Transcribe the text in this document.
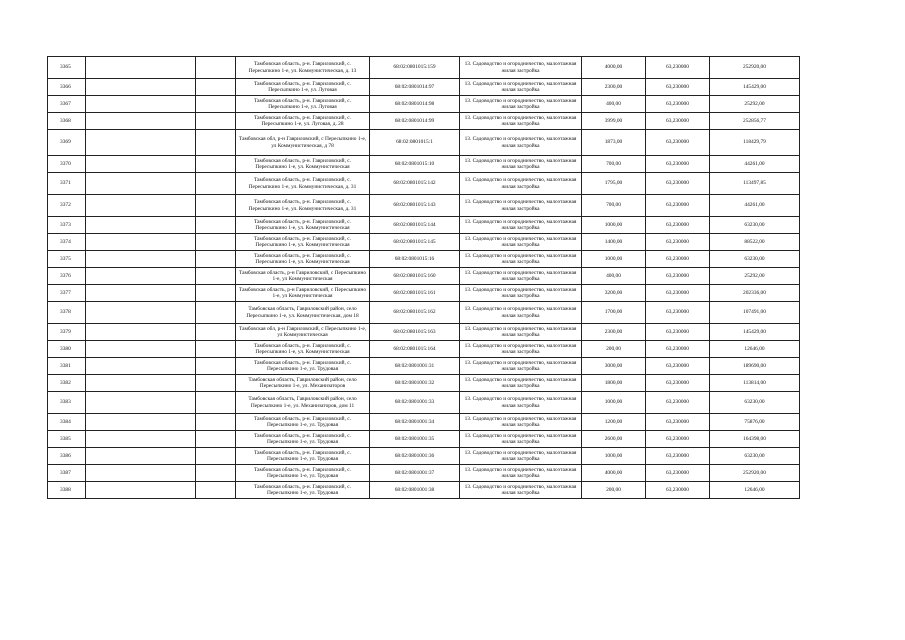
3365			Тамбовская область, р-н. Гавриловский, с. Пересыпкино 1-е, ул. Коммунистическая, д. 13	68:02:0801015:159	13. Садоводство и огородничество, малоэтажная жилая застройка	4000,00	63,230000	252920,00
3366			Тамбовская область, р-н. Гавриловский, с. Пересыпкино 1-е, ул. Луговая	68:02:0801014:97	13. Садоводство и огородничество, малоэтажная жилая застройка	2300,00	63,230000	145429,00
3367			Тамбовская область, р-н. Гавриловский, с. Пересыпкино 1-е, ул. Луговая	68:02:0801014:98	13. Садоводство и огородничество, малоэтажная жилая застройка	400,00	63,230000	25292,00
3368			Тамбовская область, р-н. Гавриловский, с. Пересыпкино 1-е, ул. Луговая, д. 28	68:02:0801014:99	13. Садоводство и огородничество, малоэтажная жилая застройка	3999,00	63,230000	252856,77
3369			Тамбовская обл, р-н Гавриловский, с Пересыпкино 1-е, ул Коммунистическая, д 78	68:02:0801015:1	13. Садоводство и огородничество, малоэтажная жилая застройка	1873,00	63,230000	118429,79
3370			Тамбовская область, р-н. Гавриловский, с. Пересыпкино 1-е, ул. Коммунистическая	68:02:0801015:10	13. Садоводство и огородничество, малоэтажная жилая застройка	700,00	63,230000	44261,00
3371			Тамбовская область, р-н. Гавриловский, с. Пересыпкино 1-е, ул. Коммунистическая, д. 31	68:02:0801015:142	13. Садоводство и огородничество, малоэтажная жилая застройка	1795,00	63,230000	113497,85
3372			Тамбовская область, р-н. Гавриловский, с. Пересыпкино 1-е, ул. Коммунистическая, д. 31	68:02:0801015:143	13. Садоводство и огородничество, малоэтажная жилая застройка	700,00	63,230000	44261,00
3373			Тамбовская область, р-н. Гавриловский, с. Пересыпкино 1-е, ул. Коммунистическая	68:02:0801015:144	13. Садоводство и огородничество, малоэтажная жилая застройка	1000,00	63,230000	63230,00
3374			Тамбовская область, р-н. Гавриловский, с. Пересыпкино 1-е, ул. Коммунистическая	68:02:0801015:145	13. Садоводство и огородничество, малоэтажная жилая застройка	1400,00	63,230000	88522,00
3375			Тамбовская область, р-н. Гавриловский, с. Пересыпкино 1-е, ул. Коммунистическая	68:02:0801015:16	13. Садоводство и огородничество, малоэтажная жилая застройка	1000,00	63,230000	63230,00
3376			Тамбовская область, р-н Гавриловский, с Пересыпкино 1-е, ул Коммунистическая	68:02:0801015:160	13. Садоводство и огородничество, малоэтажная жилая застройка	400,00	63,230000	25292,00
3377			Тамбовская область, р-н Гавриловский, с Пересыпкино 1-е, ул Коммунистическая	68:02:0801015:161	13. Садоводство и огородничество, малоэтажная жилая застройка	3200,00	63,230000	202336,00
3378			Тамбовская область, Гавриловский район, село Пересыпкино 1-е, ул. Коммунистическая, дом 18	68:02:0801015:162	13. Садоводство и огородничество, малоэтажная жилая застройка	1700,00	63,230000	107491,00
3379			Тамбовская обл, р-н Гавриловский, с Пересыпкино 1-е, ул Коммунистическая	68:02:0801015:163	13. Садоводство и огородничество, малоэтажная жилая застройка	2300,00	63,230000	145429,00
3380			Тамбовская область, р-н. Гавриловский, с. Пересыпкино 1-е, ул. Коммунистическая	68:02:0801015:164	13. Садоводство и огородничество, малоэтажная жилая застройка	200,00	63,230000	12646,00
3381			Тамбовская область, р-н. Гавриловский, с. Пересыпкино 1-е, ул. Трудовая	68:02:0801001:31	13. Садоводство и огородничество, малоэтажная жилая застройка	3000,00	63,230000	189690,00
3382			Тамбовская область, Гавриловский район, село Пересыпкино 1-е, ул. Механизаторов	68:02:0801001:32	13. Садоводство и огородничество, малоэтажная жилая застройка	1800,00	63,230000	113814,00
3383			Тамбовская область, Гавриловский район, село Пересыпкино 1-е, ул. Механизаторов, дом 11	68:02:0801001:33	13. Садоводство и огородничество, малоэтажная жилая застройка	1000,00	63,230000	63230,00
3384			Тамбовская область, р-н. Гавриловский, с. Пересыпкино 1-е, ул. Трудовая	68:02:0801001:34	13. Садоводство и огородничество, малоэтажная жилая застройка	1200,00	63,230000	75876,00
3385			Тамбовская область, р-н. Гавриловский, с. Пересыпкино 1-е, ул. Трудовая	68:02:0801001:35	13. Садоводство и огородничество, малоэтажная жилая застройка	2600,00	63,230000	164398,00
3386			Тамбовская область, р-н. Гавриловский, с. Пересыпкино 1-е, ул. Трудовая	68:02:0801001:36	13. Садоводство и огородничество, малоэтажная жилая застройка	1000,00	63,230000	63230,00
3387			Тамбовская область, р-н. Гавриловский, с. Пересыпкино 1-е, ул. Трудовая	68:02:0801001:37	13. Садоводство и огородничество, малоэтажная жилая застройка	4000,00	63,230000	252920,00
3388			Тамбовская область, р-н. Гавриловский, с. Пересыпкино 1-е, ул. Трудовая	68:02:0801001:38	13. Садоводство и огородничество, малоэтажная жилая застройка	200,00	63,230000	12646,00
